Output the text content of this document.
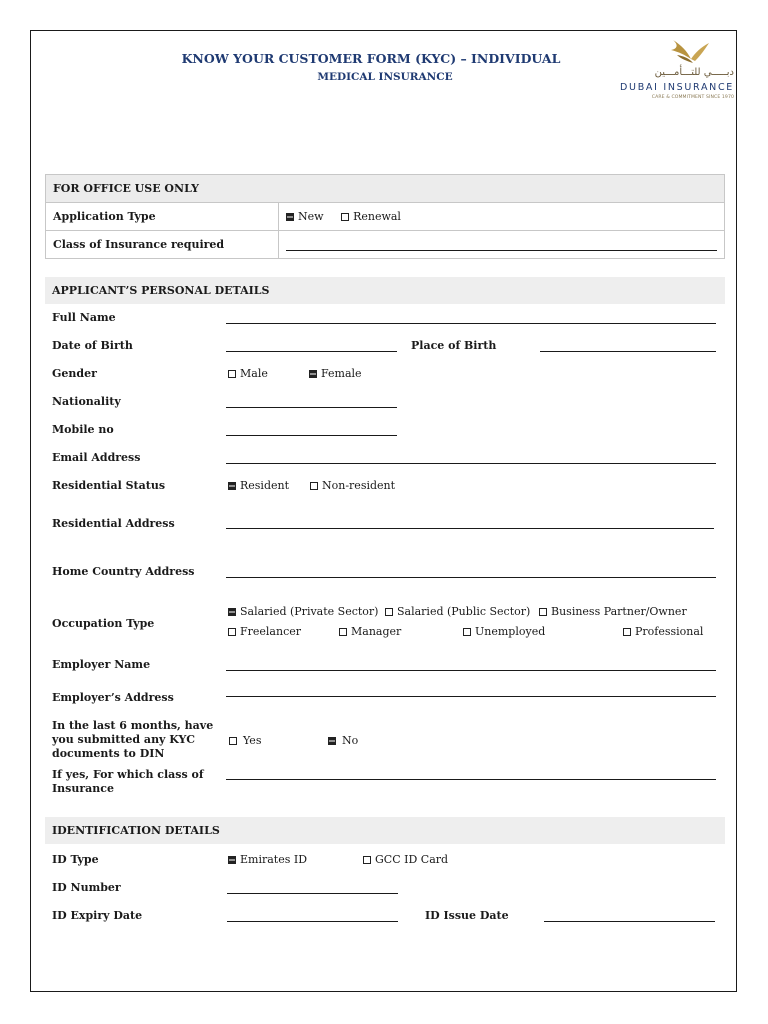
KNOW YOUR CUSTOMER FORM (KYC) – INDIVIDUAL
MEDICAL INSURANCE	دبـــــي للتـــأمـــين
DUBAI INSURANCE
CARE & COMMITMENT SINCE 1970
FOR OFFICE USE ONLY	
Application Type	New Renewal
Class of Insurance required	
APPLICANT’S PERSONAL DETAILS
Full Name
Date of Birth	Place of Birth
Gender	Male	Female
Nationality
Mobile no
Email Address
Residential Status	Resident	Non-resident
Residential Address
Home Country Address
Occupation Type
Salaried (Private Sector)	Salaried (Public Sector)	Business Partner/Owner
Freelancer	Manager	Unemployed	Professional
Employer Name
Employer’s Address
In the last 6 months, have
you submitted any KYC
documents to DIN
Yes	No
If yes, For which class of
Insurance
IDENTIFICATION DETAILS
ID Type	Emirates ID	GCC ID Card
ID Number
ID Expiry Date	ID Issue Date
